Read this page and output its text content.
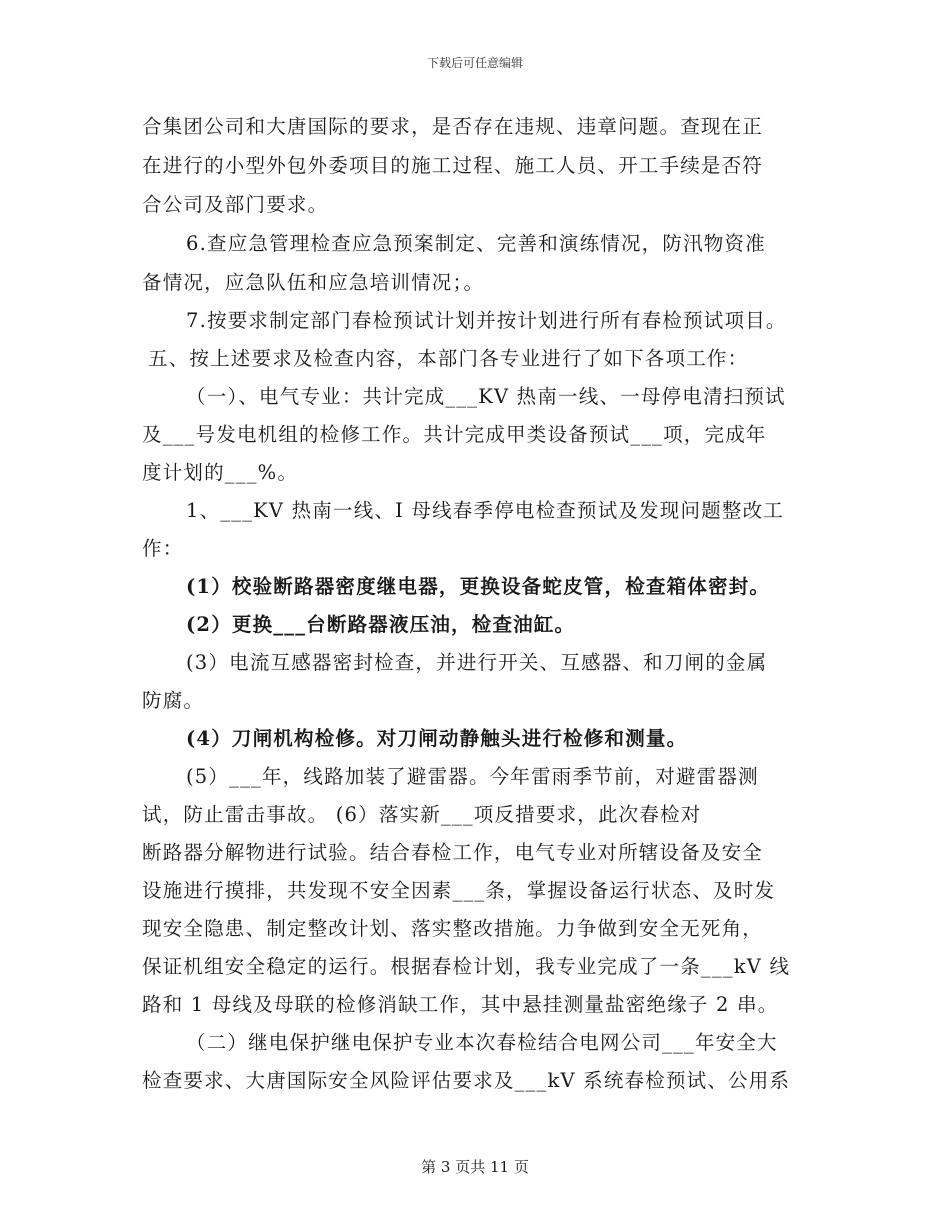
下载后可任意编辑
合集团公司和大唐国际的要求，是否存在违规、违章问题。查现在正
在进行的小型外包外委项目的施工过程、施工人员、开工手续是否符
合公司及部门要求。
6.查应急管理检查应急预案制定、完善和演练情况，防汛物资准
备情况，应急队伍和应急培训情况；。
7.按要求制定部门春检预试计划并按计划进行所有春检预试项目。
五、按上述要求及检查内容，本部门各专业进行了如下各项工作：
（一）、电气专业：共计完成___KV 热南一线、一母停电清扫预试
及___号发电机组的检修工作。共计完成甲类设备预试___项，完成年
度计划的___%。
1、___KV 热南一线、I 母线春季停电检查预试及发现问题整改工
作：
(1）校验断路器密度继电器，更换设备蛇皮管，检查箱体密封。
(2）更换___台断路器液压油，检查油缸。
(3）电流互感器密封检查，并进行开关、互感器、和刀闸的金属
防腐。
(4）刀闸机构检修。对刀闸动静触头进行检修和测量。
(5）___年，线路加装了避雷器。今年雷雨季节前，对避雷器测
试，防止雷击事故。 (6）落实新___项反措要求，此次春检对
断路器分解物进行试验。结合春检工作，电气专业对所辖设备及安全
设施进行摸排，共发现不安全因素___条，掌握设备运行状态、及时发
现安全隐患、制定整改计划、落实整改措施。力争做到安全无死角，
保证机组安全稳定的运行。根据春检计划，我专业完成了一条___kV 线
路和 1 母线及母联的检修消缺工作，其中悬挂测量盐密绝缘子 2 串。
（二）继电保护继电保护专业本次春检结合电网公司___年安全大
检查要求、大唐国际安全风险评估要求及___kV 系统春检预试、公用系
第 3 页共 11 页
